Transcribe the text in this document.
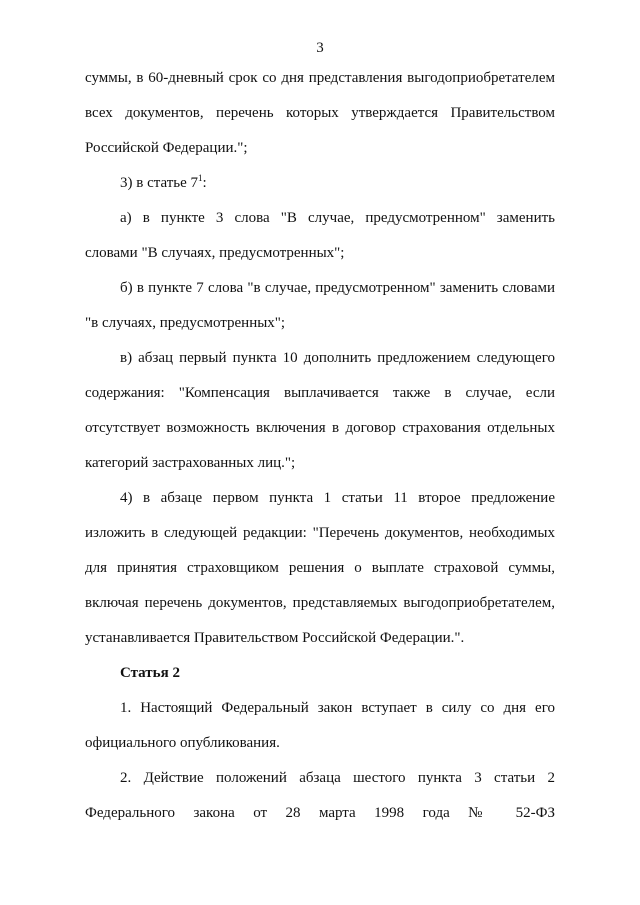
3
суммы, в 60-дневный срок со дня представления выгодоприобретателем
всех документов, перечень которых утверждается Правительством
Российской Федерации.";
3) в статье $7^1$:
а) в пункте 3 слова "В случае, предусмотренном" заменить
словами "В случаях, предусмотренных";
б) в пункте 7 слова "в случае, предусмотренном" заменить словами
"в случаях, предусмотренных";
в) абзац первый пункта 10 дополнить предложением следующего
содержания: "Компенсация выплачивается также в случае, если
отсутствует возможность включения в договор страхования отдельных
категорий застрахованных лиц.";
4) в абзаце первом пункта 1 статьи 11 второе предложение
изложить в следующей редакции: "Перечень документов, необходимых
для принятия страховщиком решения о выплате страховой суммы,
включая перечень документов, представляемых выгодоприобретателем,
устанавливается Правительством Российской Федерации.".
Статья 2
1. Настоящий Федеральный закон вступает в силу со дня его
официального опубликования.
2. Действие положений абзаца шестого пункта 3 статьи 2
Федерального закона от 28 марта 1998 года № 52-ФЗ
